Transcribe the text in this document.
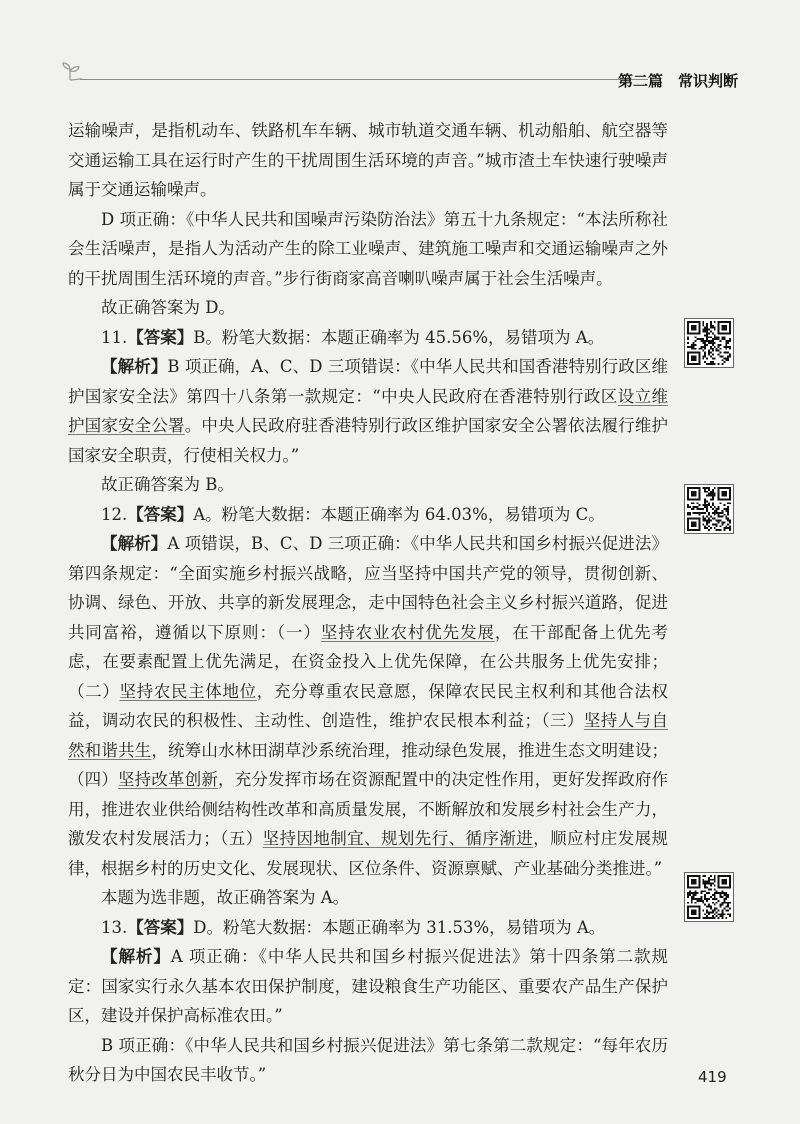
第二篇　常识判断

运输噪声，是指机动车、铁路机车车辆、城市轨道交通车辆、机动船舶、航空器等交通运输工具在运行时产生的干扰周围生活环境的声音。”城市渣土车快速行驶噪声属于交通运输噪声。

D 项正确：《中华人民共和国噪声污染防治法》第五十九条规定：“本法所称社会生活噪声，是指人为活动产生的除工业噪声、建筑施工噪声和交通运输噪声之外的干扰周围生活环境的声音。”步行街商家高音喇叭噪声属于社会生活噪声。

故正确答案为 D。

11.【答案】B。粉笔大数据：本题正确率为 45.56%，易错项为 A。

【解析】B 项正确，A、C、D 三项错误：《中华人民共和国香港特别行政区维护国家安全法》第四十八条第一款规定：“中央人民政府在香港特别行政区设立维护国家安全公署。中央人民政府驻香港特别行政区维护国家安全公署依法履行维护国家安全职责，行使相关权力。”

故正确答案为 B。

12.【答案】A。粉笔大数据：本题正确率为 64.03%，易错项为 C。

【解析】A 项错误，B、C、D 三项正确：《中华人民共和国乡村振兴促进法》第四条规定：“全面实施乡村振兴战略，应当坚持中国共产党的领导，贯彻创新、协调、绿色、开放、共享的新发展理念，走中国特色社会主义乡村振兴道路，促进共同富裕，遵循以下原则：（一）坚持农业农村优先发展，在干部配备上优先考虑，在要素配置上优先满足，在资金投入上优先保障，在公共服务上优先安排；（二）坚持农民主体地位，充分尊重农民意愿，保障农民民主权利和其他合法权益，调动农民的积极性、主动性、创造性，维护农民根本利益；（三）坚持人与自然和谐共生，统筹山水林田湖草沙系统治理，推动绿色发展，推进生态文明建设；（四）坚持改革创新，充分发挥市场在资源配置中的决定性作用，更好发挥政府作用，推进农业供给侧结构性改革和高质量发展，不断解放和发展乡村社会生产力，激发农村发展活力；（五）坚持因地制宜、规划先行、循序渐进，顺应村庄发展规律，根据乡村的历史文化、发展现状、区位条件、资源禀赋、产业基础分类推进。”

本题为选非题，故正确答案为 A。

13.【答案】D。粉笔大数据：本题正确率为 31.53%，易错项为 A。

【解析】A 项正确：《中华人民共和国乡村振兴促进法》第十四条第二款规定：国家实行永久基本农田保护制度，建设粮食生产功能区、重要农产品生产保护区，建设并保护高标准农田。”

B 项正确：《中华人民共和国乡村振兴促进法》第七条第二款规定：“每年农历秋分日为中国农民丰收节。”	419
